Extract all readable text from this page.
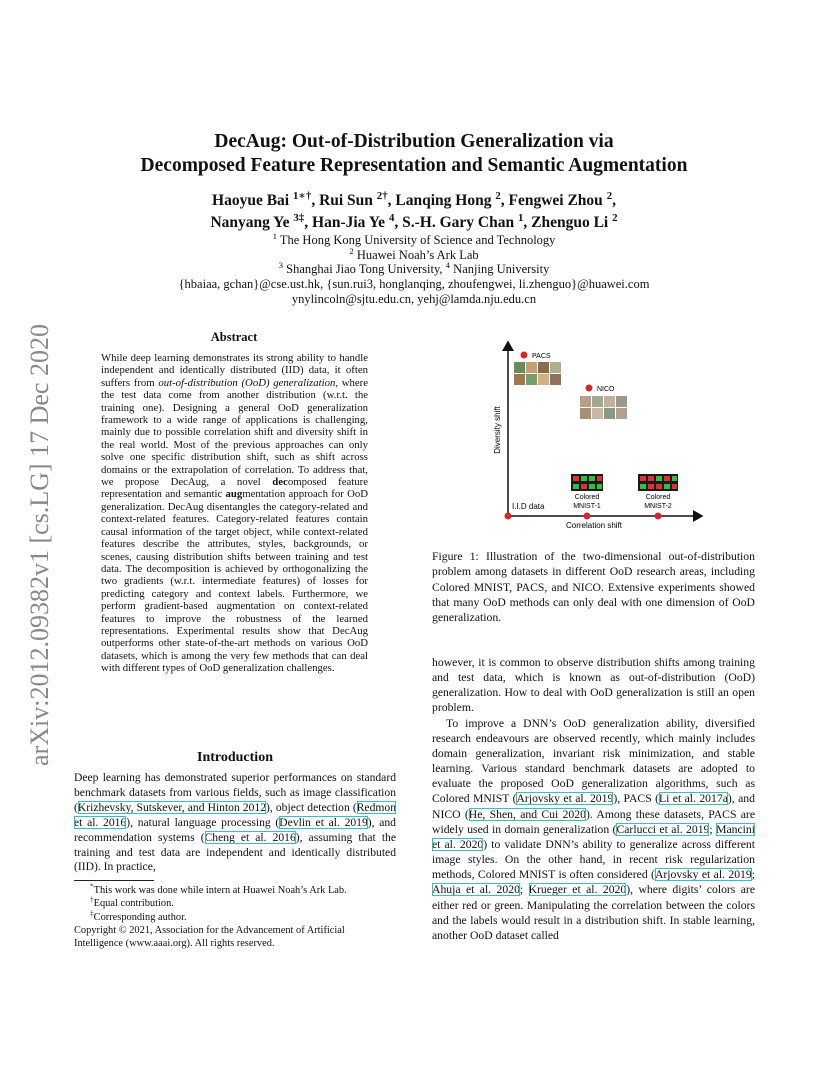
arXiv:2012.09382v1 [cs.LG] 17 Dec 2020
DecAug: Out-of-Distribution Generalization via
Decomposed Feature Representation and Semantic Augmentation
Haoyue Bai $^{1∗\dagger}$, Rui Sun $^{2\dagger}$, Lanqing Hong $^2$, Fengwei Zhou $^2$,
Nanyang Ye $^{3\ddagger}$, Han-Jia Ye $^4$, S.-H. Gary Chan $^1$, Zhenguo Li $^2$
$^1$ The Hong Kong University of Science and Technology
$^2$ Huawei Noah’s Ark Lab
$^3$ Shanghai Jiao Tong University, $^4$ Nanjing University
{hbaiaa, gchan}@cse.ust.hk, {sun.rui3, honglanqing, zhoufengwei, li.zhenguo}@huawei.com
ynylincoln@sjtu.edu.cn, yehj@lamda.nju.edu.cn
Abstract
While deep learning demonstrates its strong ability to handle independent and identically distributed (IID) data, it often suffers from out-of-distribution (OoD) generalization, where the test data come from another distribution (w.r.t. the training one). Designing a general OoD generalization framework to a wide range of applications is challenging, mainly due to possible correlation shift and diversity shift in the real world. Most of the previous approaches can only solve one specific distribution shift, such as shift across domains or the extrapolation of correlation. To address that, we propose DecAug, a novel decomposed feature representation and semantic augmentation approach for OoD generalization. DecAug disentangles the category-related and context-related features. Category-related features contain causal information of the target object, while context-related features describe the attributes, styles, backgrounds, or scenes, causing distribution shifts between training and test data. The decomposition is achieved by orthogonalizing the two gradients (w.r.t. intermediate features) of losses for predicting category and context labels. Furthermore, we perform gradient-based augmentation on context-related features to improve the robustness of the learned representations. Experimental results show that DecAug outperforms other state-of-the-art methods on various OoD datasets, which is among the very few methods that can deal with different types of OoD generalization challenges.
Introduction
Deep learning has demonstrated superior performances on standard benchmark datasets from various fields, such as image classification (Krizhevsky, Sutskever, and Hinton 2012), object detection (Redmon et al. 2016), natural language processing (Devlin et al. 2019), and recommendation systems (Cheng et al. 2016), assuming that the training and test data are independent and identically distributed (IID). In practice,

*This work was done while intern at Huawei Noah’s Ark Lab.

†Equal contribution.

‡Corresponding author.

Copyright © 2021, Association for the Advancement of Artificial Intelligence (www.aaai.org). All rights reserved.

Diversity shift
Correlation shift
PACS
NICO
I.I.D data
Colored
MNIST-1
Colored
MNIST-2
Figure 1: Illustration of the two-dimensional out-of-distribution problem among datasets in different OoD research areas, including Colored MNIST, PACS, and NICO. Extensive experiments showed that many OoD methods can only deal with one dimension of OoD generalization.

however, it is common to observe distribution shifts among training and test data, which is known as out-of-distribution (OoD) generalization. How to deal with OoD generalization is still an open problem.

To improve a DNN’s OoD generalization ability, diversified research endeavours are observed recently, which mainly includes domain generalization, invariant risk minimization, and stable learning. Various standard benchmark datasets are adopted to evaluate the proposed OoD generalization algorithms, such as Colored MNIST (Arjovsky et al. 2019), PACS (Li et al. 2017a), and NICO (He, Shen, and Cui 2020). Among these datasets, PACS are widely used in domain generalization (Carlucci et al. 2019; Mancini et al. 2020) to validate DNN’s ability to generalize across different image styles. On the other hand, in recent risk regularization methods, Colored MNIST is often considered (Arjovsky et al. 2019; Ahuja et al. 2020; Krueger et al. 2020), where digits’ colors are either red or green. Manipulating the correlation between the colors and the labels would result in a distribution shift. In stable learning, another OoD dataset called
